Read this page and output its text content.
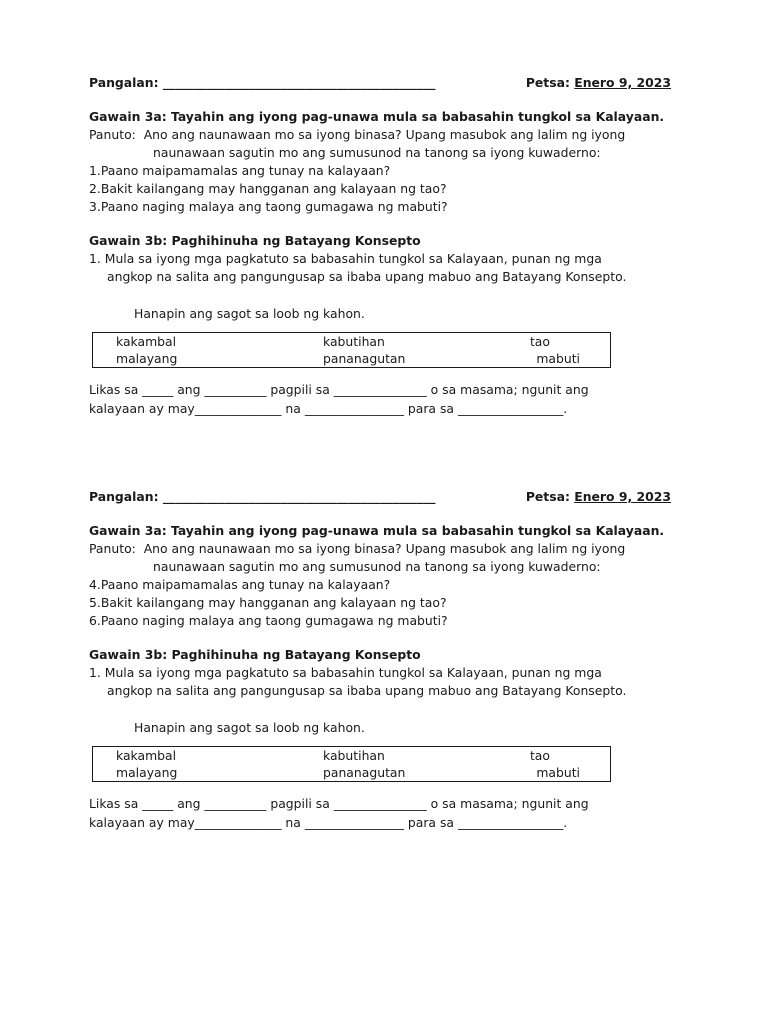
Pangalan: ____________________________________________	Petsa: Enero 9, 2023
Gawain 3a: Tayahin ang iyong pag-unawa mula sa babasahin tungkol sa Kalayaan.
Panuto:  Ano ang naunawaan mo sa iyong binasa? Upang masubok ang lalim ng iyong
naunawaan sagutin mo ang sumusunod na tanong sa iyong kuwaderno:
1.Paano maipamamalas ang tunay na kalayaan?
2.Bakit kailangang may hangganan ang kalayaan ng tao?
3.Paano naging malaya ang taong gumagawa ng mabuti?
Gawain 3b: Paghihinuha ng Batayang Konsepto
1. Mula sa iyong mga pagkatuto sa babasahin tungkol sa Kalayaan, punan ng mga
angkop na salita ang pangungusap sa ibaba upang mabuo ang Batayang Konsepto.
Hanapin ang sagot sa loob ng kahon.
kakambal	kabutihan	tao
malayang	pananagutan	mabuti
Likas sa _____ ang __________ pagpili sa _______________ o sa masama; ngunit ang
kalayaan ay may______________ na ________________ para sa _________________.
Pangalan: ____________________________________________	Petsa: Enero 9, 2023
Gawain 3a: Tayahin ang iyong pag-unawa mula sa babasahin tungkol sa Kalayaan.
Panuto:  Ano ang naunawaan mo sa iyong binasa? Upang masubok ang lalim ng iyong
naunawaan sagutin mo ang sumusunod na tanong sa iyong kuwaderno:
4.Paano maipamamalas ang tunay na kalayaan?
5.Bakit kailangang may hangganan ang kalayaan ng tao?
6.Paano naging malaya ang taong gumagawa ng mabuti?
Gawain 3b: Paghihinuha ng Batayang Konsepto
1. Mula sa iyong mga pagkatuto sa babasahin tungkol sa Kalayaan, punan ng mga
angkop na salita ang pangungusap sa ibaba upang mabuo ang Batayang Konsepto.
Hanapin ang sagot sa loob ng kahon.
kakambal	kabutihan	tao
malayang	pananagutan	mabuti
Likas sa _____ ang __________ pagpili sa _______________ o sa masama; ngunit ang
kalayaan ay may______________ na ________________ para sa _________________.
